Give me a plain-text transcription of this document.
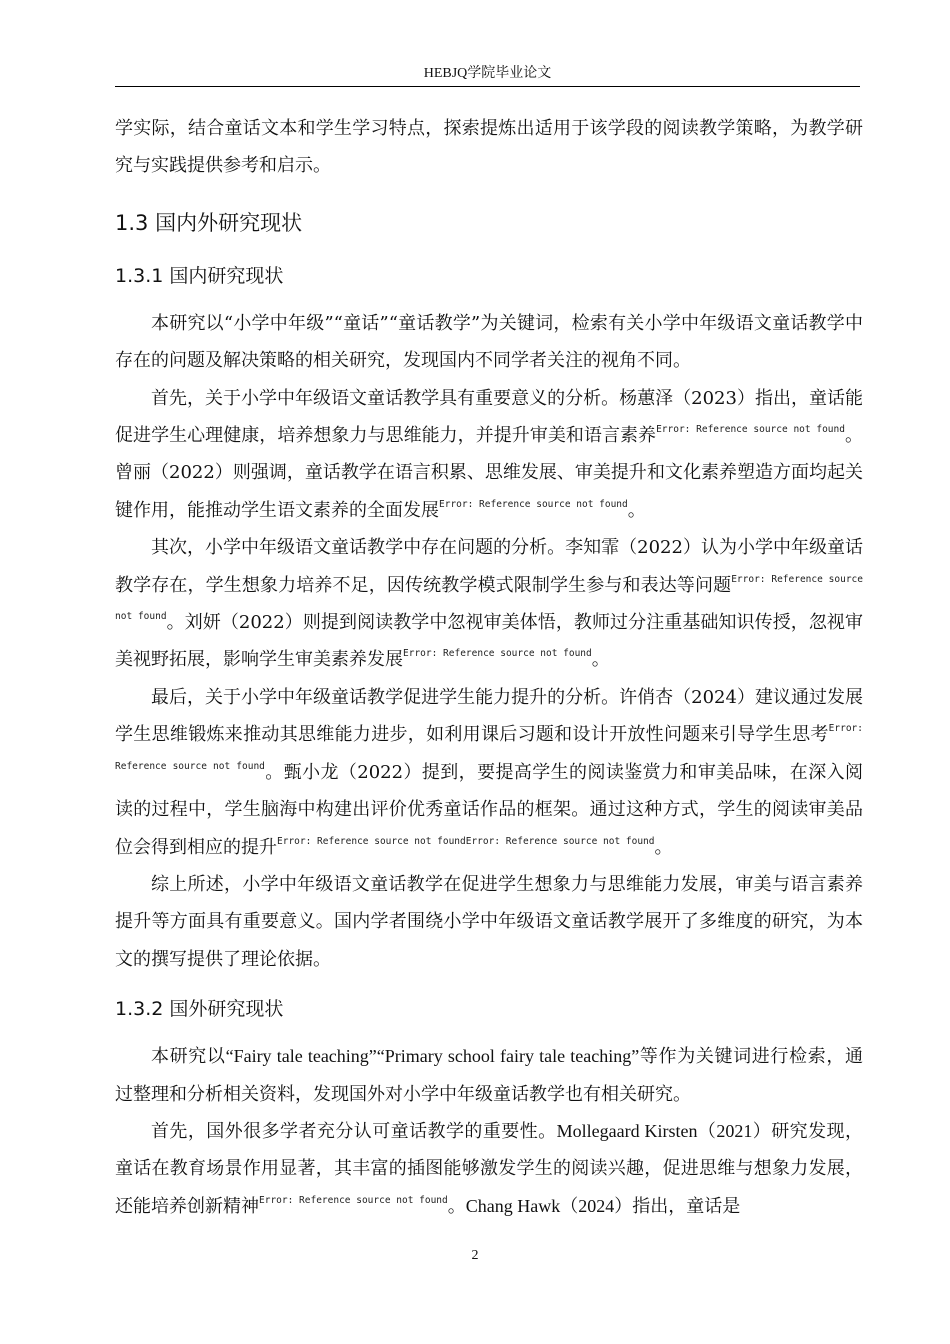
HEBJQ学院毕业论文

学实际，结合童话文本和学生学习特点，探索提炼出适用于该学段的阅读教学策略，为教学研究与实践提供参考和启示。

1.3 国内外研究现状
1.3.1 国内研究现状

本研究以“小学中年级”“童话”“童话教学”为关键词，检索有关小学中年级语文童话教学中存在的问题及解决策略的相关研究，发现国内不同学者关注的视角不同。

首先，关于小学中年级语文童话教学具有重要意义的分析。杨蕙泽（2023）指出，童话能促进学生心理健康，培养想象力与思维能力，并提升审美和语言素养$^{Error: Reference source not found}$。曾丽（2022）则强调，童话教学在语言积累、思维发展、审美提升和文化素养塑造方面均起关键作用，能推动学生语文素养的全面发展$^{Error: Reference source not found}$。

其次，小学中年级语文童话教学中存在问题的分析。李知霏（2022）认为小学中年级童话教学存在，学生想象力培养不足，因传统教学模式限制学生参与和表达等问题$^{Error: Reference source not found}$。刘妍（2022）则提到阅读教学中忽视审美体悟，教师过分注重基础知识传授，忽视审美视野拓展，影响学生审美素养发展$^{Error: Reference source not found}$。

最后，关于小学中年级童话教学促进学生能力提升的分析。许俏杏（2024）建议通过发展学生思维锻炼来推动其思维能力进步，如利用课后习题和设计开放性问题来引导学生思考$^{Error: Reference source not found}$。甄小龙（2022）提到，要提高学生的阅读鉴赏力和审美品味，在深入阅读的过程中，学生脑海中构建出评价优秀童话作品的框架。通过这种方式，学生的阅读审美品位会得到相应的提升$^{Error: Reference source not foundError: Reference source not found}$。

综上所述，小学中年级语文童话教学在促进学生想象力与思维能力发展，审美与语言素养提升等方面具有重要意义。国内学者围绕小学中年级语文童话教学展开了多维度的研究，为本文的撰写提供了理论依据。

1.3.2 国外研究现状

本研究以“Fairy tale teaching”“Primary school fairy tale teaching”等作为关键词进行检索，通过整理和分析相关资料，发现国外对小学中年级童话教学也有相关研究。

首先，国外很多学者充分认可童话教学的重要性。Mollegaard Kirsten（2021）研究发现，童话在教育场景作用显著，其丰富的插图能够激发学生的阅读兴趣，促进思维与想象力发展，还能培养创新精神$^{Error: Reference source not found}$。Chang Hawk（2024）指出，童话是

2
